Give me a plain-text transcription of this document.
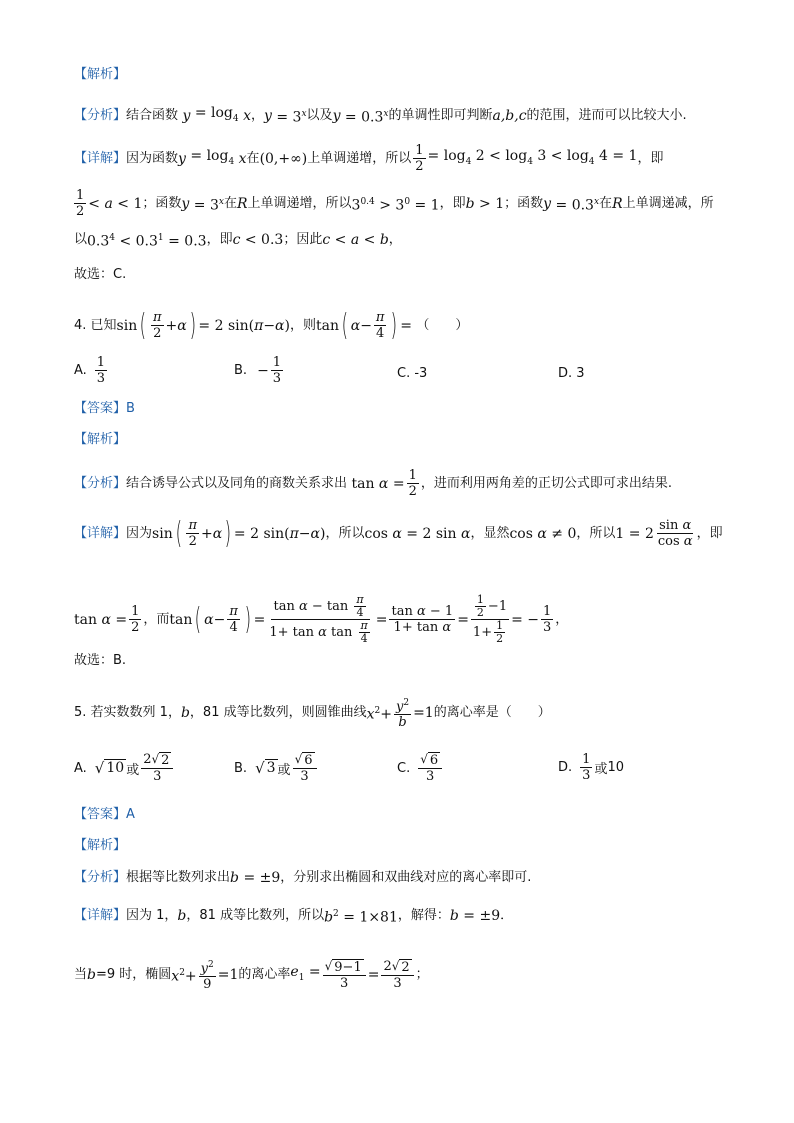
【解析】
【分析】 结合函数 $y = \log_4 x$ ， $y = 3^x$ 以及 $y = 0.3^x$ 的单调性即可判断 a,b,c 的范围，进而可以比较大小.
【详解】 因为函数 $y = \log_4 x$ 在 (0,+∞) 上单调递增，所以 $\frac{1}{2} = \log_4 2 < \log_4 3 < \log_4 4 = 1$ ，即
$\frac{1}{2} < a < 1$ ；函数 $y = 3^x$ 在 R 上单调递增，所以 $3^{0.4} > 3^0 = 1$ ，即 b > 1 ；函数 $y = 0.3^x$ 在 R 上单调递减，所
以 $0.3^4 < 0.3^1 = 0.3$ ，即 c < 0.3 ；因此 c < a < b ，
故选：C.
4. 已知 sin ( $\frac{\pi}{2} +\alpha$ ) = 2 sin(π−α) ，则 tan ( $\alpha- \frac{\pi}{4}$ ) = （　　）
A. $\frac{1}{3}$	B. − $\frac{1}{3}$	C. -3	D. 3
【答案】B
【解析】
【分析】 结合诱导公式以及同角的商数关系求出 $\tan \alpha = \frac{1}{2}$ ，进而利用两角差的正切公式即可求出结果.
【详解】 因为 sin ( $\frac{\pi}{2} +\alpha$ ) = 2 sin(π−α) ，所以 cos α = 2 sin α ，显然 cos α ≠ 0 ，所以 $1 = 2 \frac{\text{sin α}}{\text{cos α}}$ ，即
$\tan \alpha = \frac{1}{2}$ ，而 tan ( $\alpha- \frac{\pi}{4}$ ) = $\frac{\tan \alpha - \tan \frac{\pi}{4}}{1+ \tan \alpha \tan \frac{\pi}{4}} = \frac{\text{tan α − 1}}{\text{1+ tan α}} = \frac{\frac{1}{2} -1}{1+ \frac{1}{2}}$ = − $\frac{1}{3}$ ，
故选：B.
5. 若实数数列 1， b ，81 成等比数列，则圆锥曲线 $x^2+ \frac{y^2}{b} =1$ 的离心率是（　　）
A. √ 10 或 $\frac{2 √ 2}{3}$	B. √ 3 或 $\frac{√ 6}{3}$	C. $\frac{√ 6}{3}$	D. $\frac{1}{3}$ 或 10
【答案】A
【解析】
【分析】 根据等比数列求出 b = ±9 ，分别求出椭圆和双曲线对应的离心率即可.
【详解】 因为 1， b ，81 成等比数列，所以 $b^2 = 1\times 81$ ，解得： b = ±9 ．
当 b =9 时，椭圆 $x^2+ \frac{y^2}{9} =1$ 的离心率 $e_1 = \frac{√ 9-1}{3} = \frac{2 √ 2}{3}$ ；
